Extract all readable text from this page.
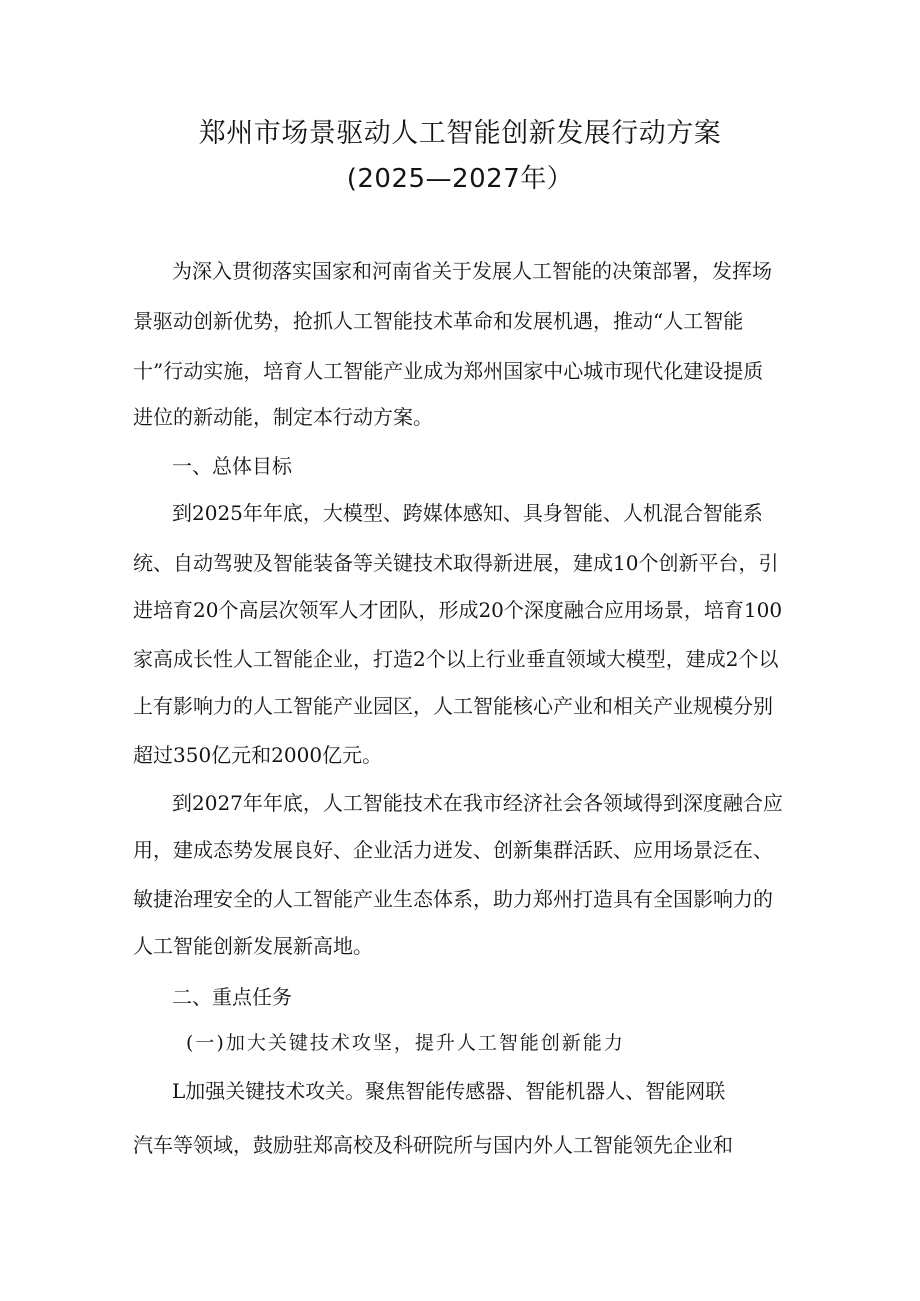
郑州市场景驱动人工智能创新发展行动方案
(2025—2027年）
为深入贯彻落实国家和河南省关于发展人工智能的决策部署，发挥场
景驱动创新优势，抢抓人工智能技术革命和发展机遇，推动“人工智能
十”行动实施，培育人工智能产业成为郑州国家中心城市现代化建设提质
进位的新动能，制定本行动方案。
一、总体目标
到2025年年底，大模型、跨媒体感知、具身智能、人机混合智能系
统、自动驾驶及智能装备等关键技术取得新进展，建成10个创新平台，引
进培育20个高层次领军人才团队，形成20个深度融合应用场景，培育100
家高成长性人工智能企业，打造2个以上行业垂直领域大模型，建成2个以
上有影响力的人工智能产业园区，人工智能核心产业和相关产业规模分别
超过350亿元和2000亿元。
到2027年年底，人工智能技术在我市经济社会各领域得到深度融合应
用，建成态势发展良好、企业活力迸发、创新集群活跃、应用场景泛在、
敏捷治理安全的人工智能产业生态体系，助力郑州打造具有全国影响力的
人工智能创新发展新高地。
二、重点任务
(一)加大关键技术攻坚，提升人工智能创新能力
L加强关键技术攻关。聚焦智能传感器、智能机器人、智能网联
汽车等领域，鼓励驻郑高校及科研院所与国内外人工智能领先企业和
